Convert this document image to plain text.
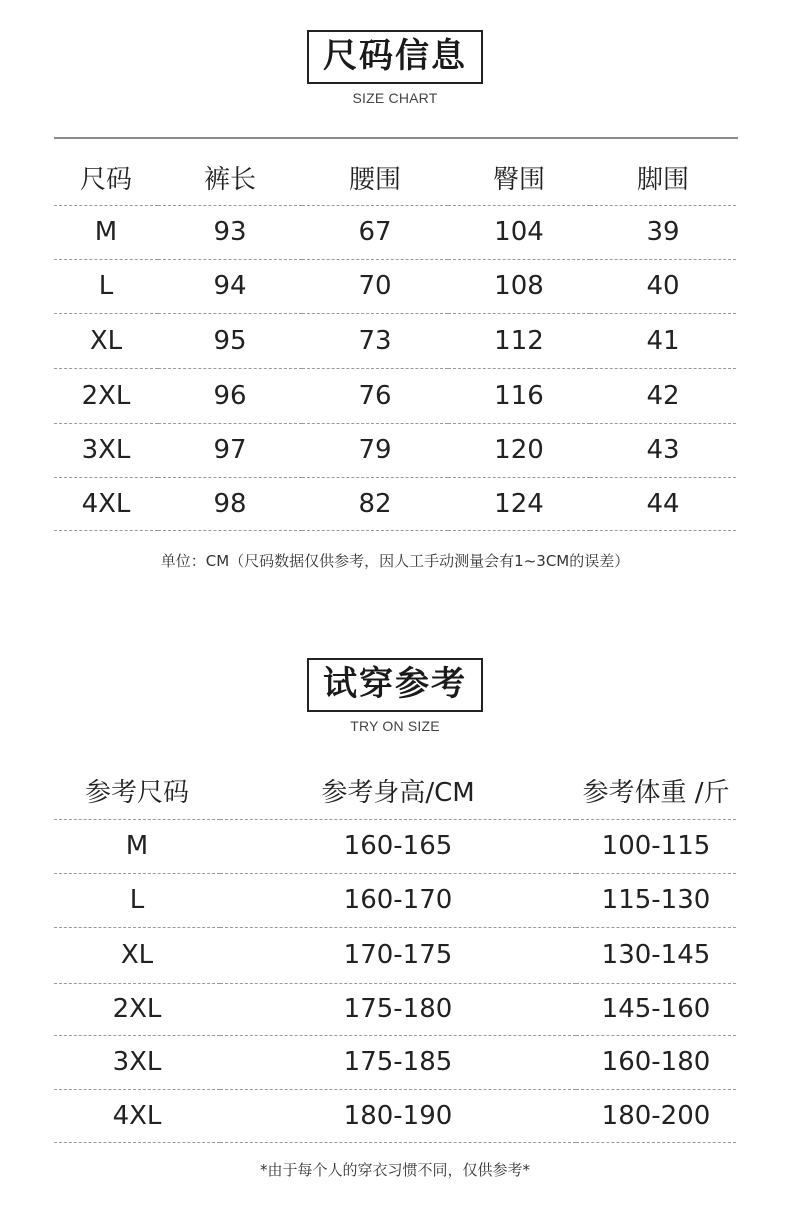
尺码信息
SIZE CHART
尺码	裤长	腰围	臀围	脚围
M	93	67	104	39
L	94	70	108	40
XL	95	73	112	41
2XL	96	76	116	42
3XL	97	79	120	43
4XL	98	82	124	44
单位：CM（尺码数据仅供参考，因人工手动测量会有1~3CM的误差）
试穿参考
TRY ON SIZE
参考尺码	参考身高/CM	参考体重 /斤
M	160-165	100-115
L	160-170	115-130
XL	170-175	130-145
2XL	175-180	145-160
3XL	175-185	160-180
4XL	180-190	180-200
*由于每个人的穿衣习惯不同，仅供参考*
